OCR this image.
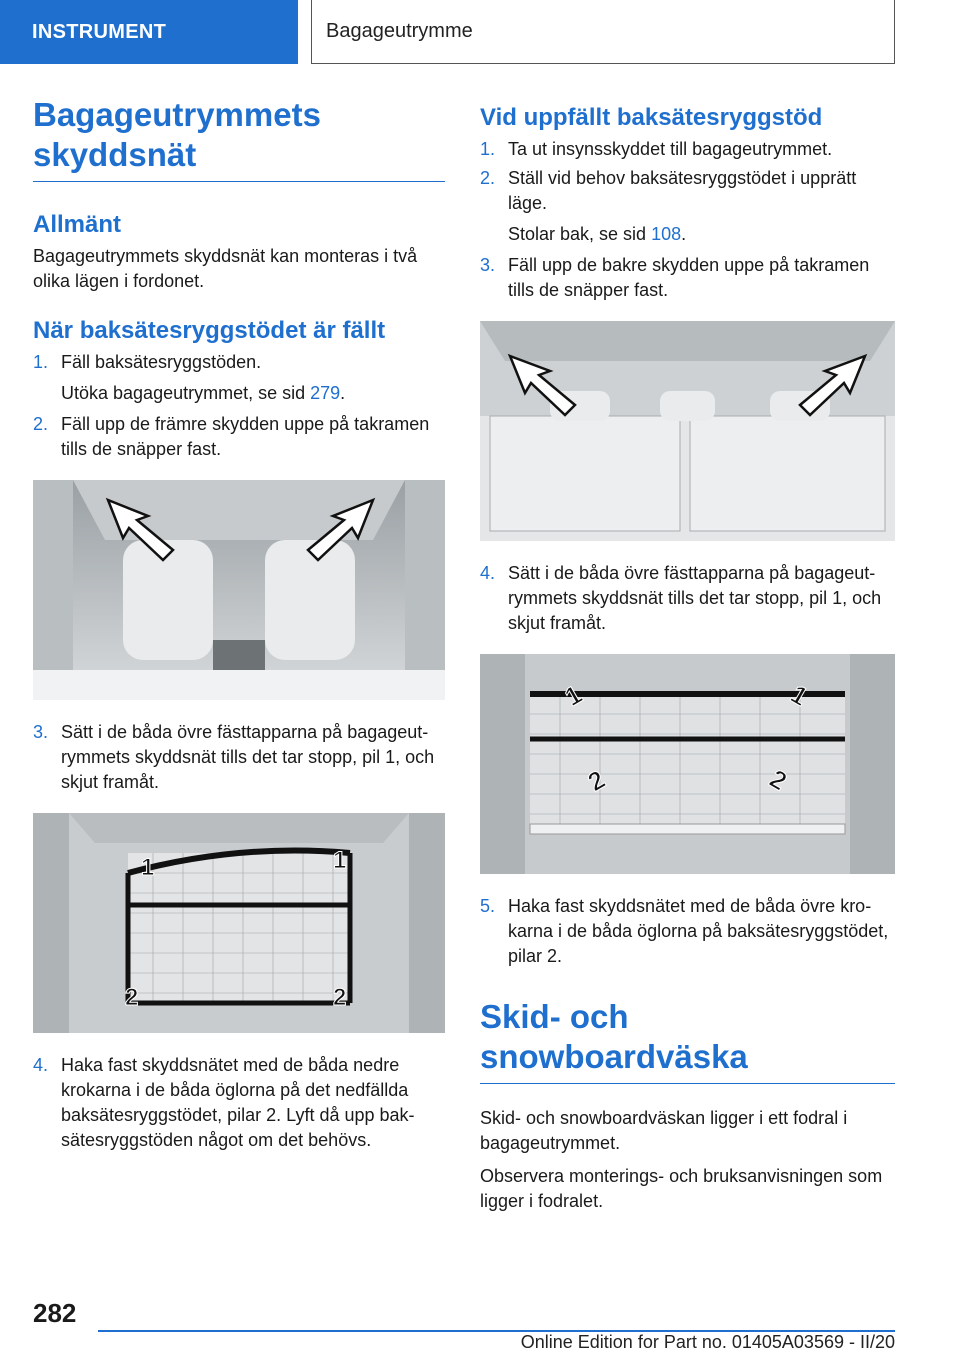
INSTRUMENT	Bagageutrymme
Bagageutrymmets skyddsnät
Allmänt

Bagageutrymmets skyddsnät kan monteras i två olika lägen i fordonet.

När baksätesryggstödet är fällt
1. Fäll baksätesryggstöden.
Utöka bagageutrymmet, se sid 279.
2. Fäll upp de främre skydden uppe på takramen tills de snäpper fast.
3. Sätt i de båda övre fästtapparna på bagageutrymmets skyddsnät tills det tar stopp, pil 1, och skjut framåt.
1	1
2	2
4. Haka fast skyddsnätet med de båda nedre krokarna i de båda öglorna på det nedfällda baksätesryggstödet, pilar 2. Lyft då upp baksätesryggstöden något om det behövs.
Vid uppfällt baksätesryggstöd
1. Ta ut insynsskyddet till bagageutrymmet.
2. Ställ vid behov baksätesryggstödet i upprätt läge.
Stolar bak, se sid 108.
3. Fäll upp de bakre skydden uppe på takramen tills de snäpper fast.
4. Sätt i de båda övre fästtapparna på bagageutrymmets skyddsnät tills det tar stopp, pil 1, och skjut framåt.
1	1
2	2
5. Haka fast skyddsnätet med de båda övre krokarna i de båda öglorna på baksätesryggstödet, pilar 2.
Skid- och snowboardväska

Skid- och snowboardväskan ligger i ett fodral i bagageutrymmet.

Observera monterings- och bruksanvisningen som ligger i fodralet.

282
Online Edition for Part no. 01405A03569 - II/20
